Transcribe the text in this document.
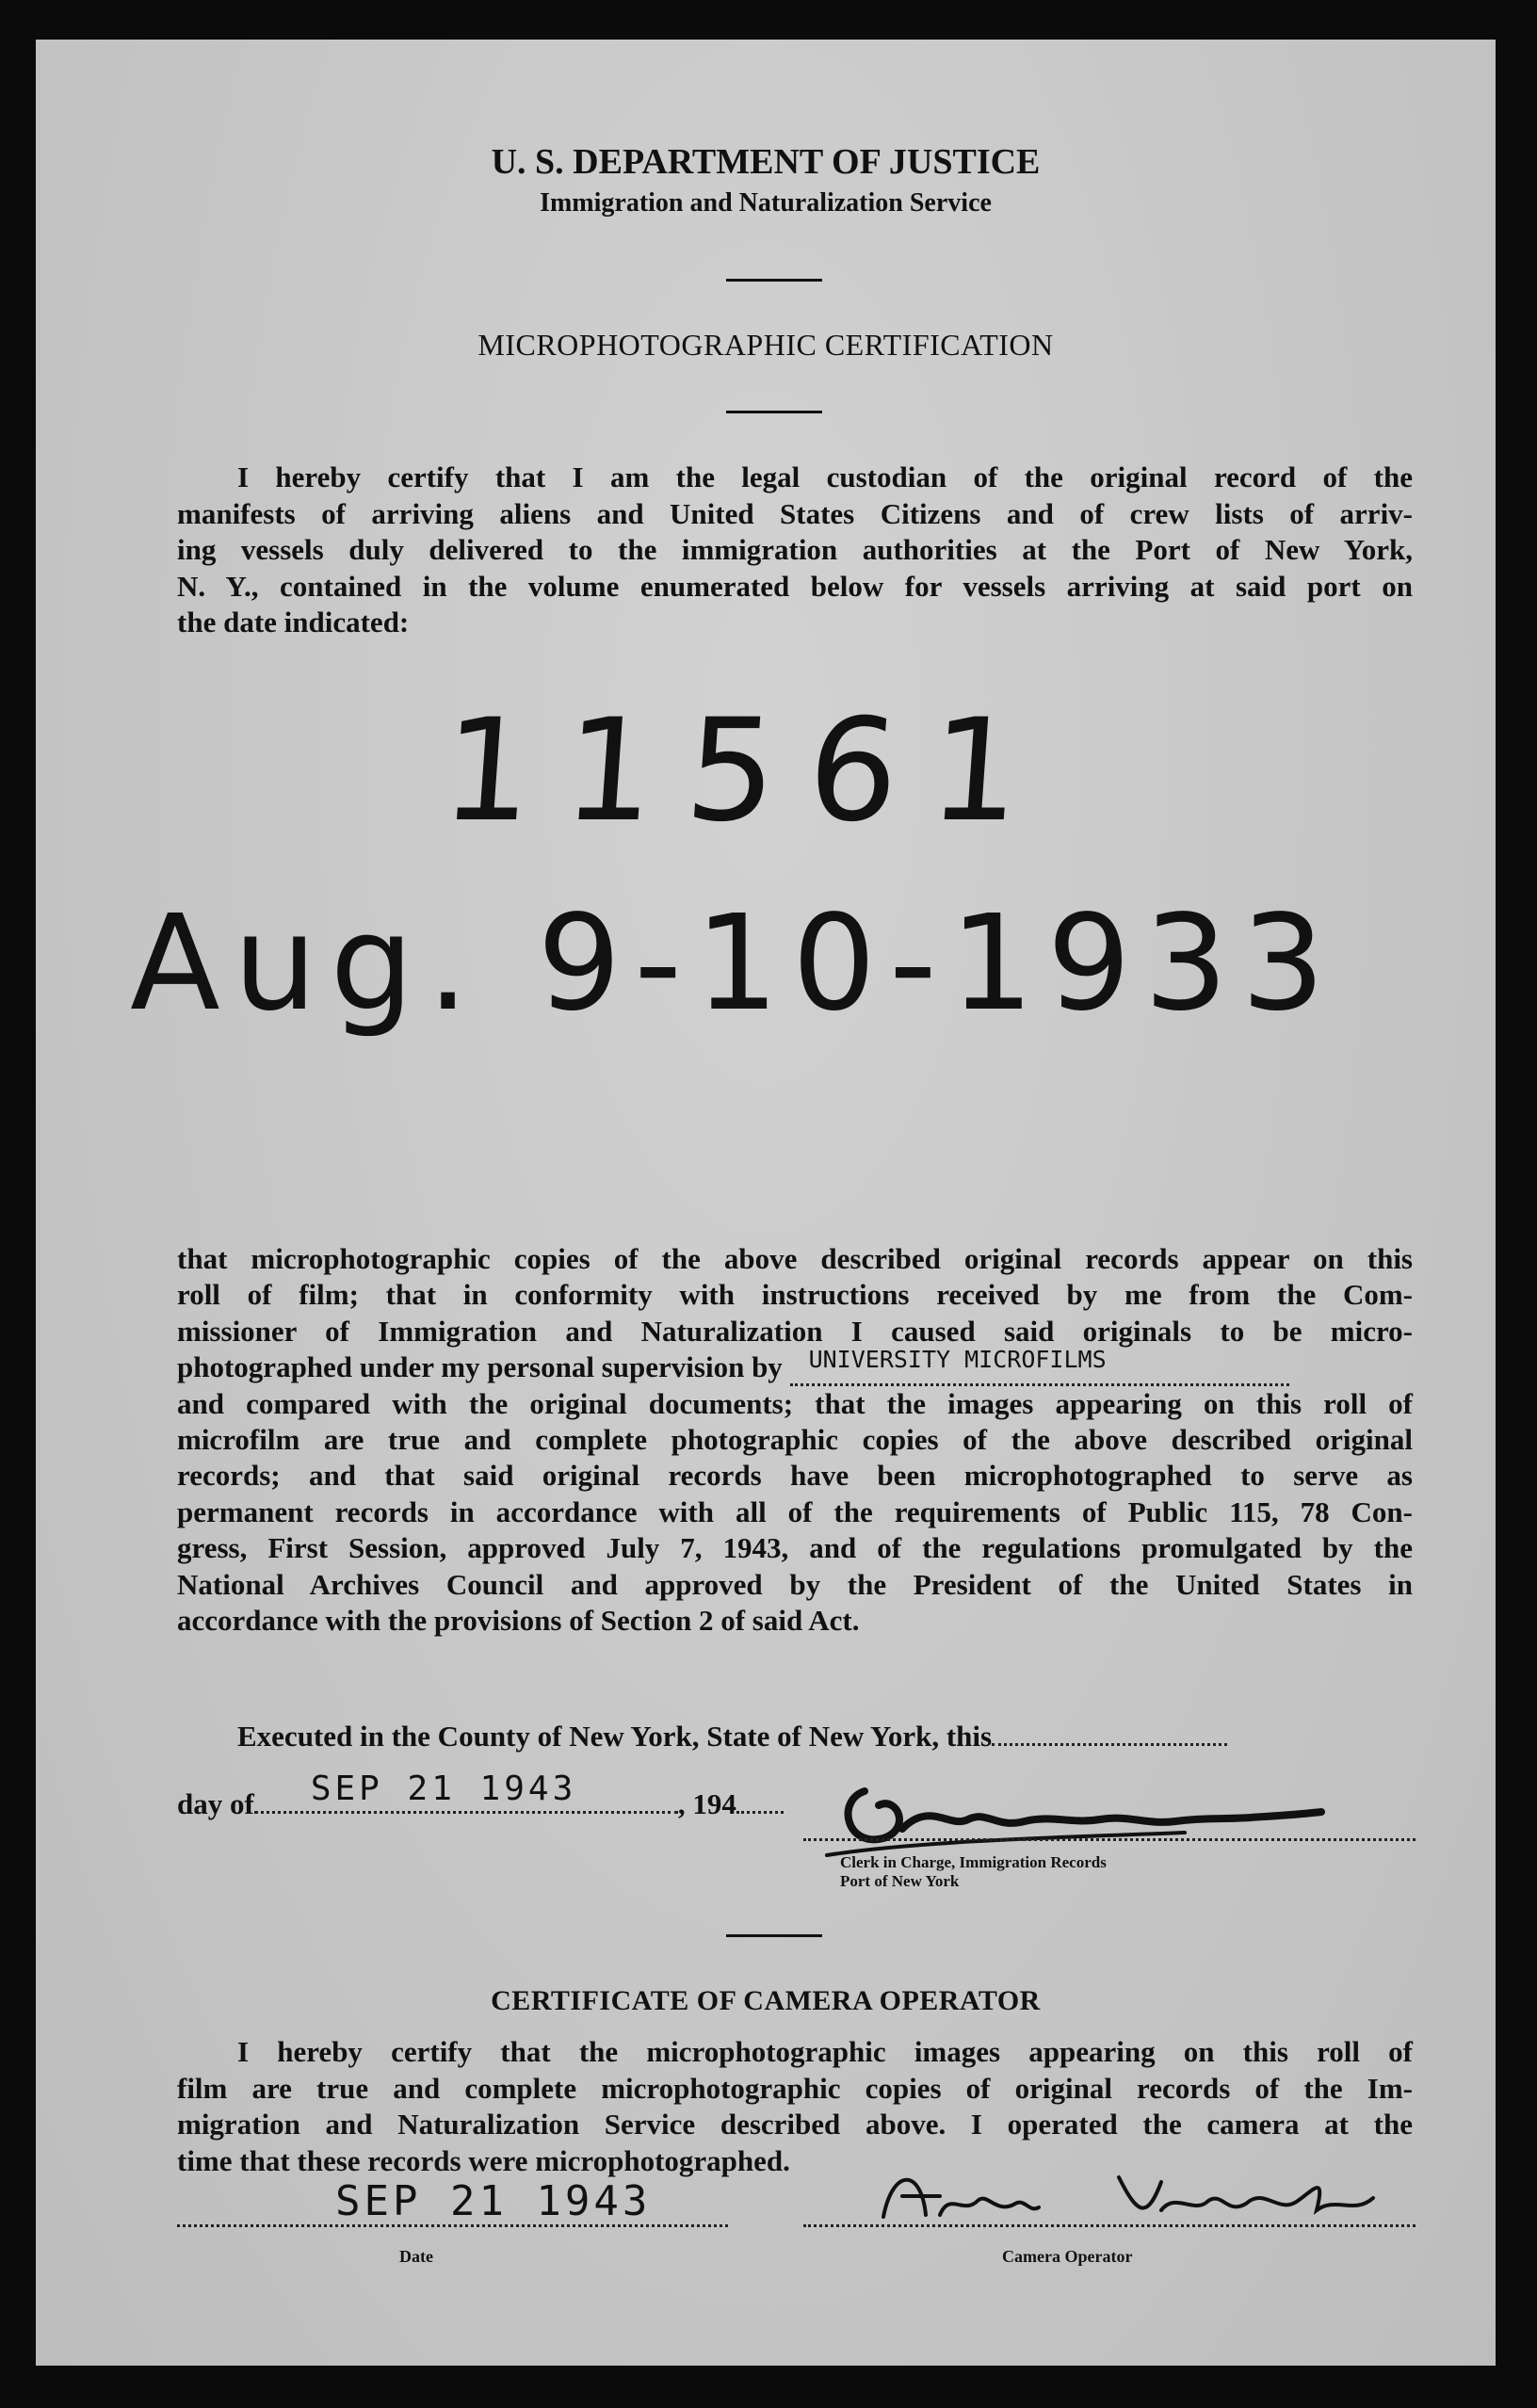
U. S. DEPARTMENT OF JUSTICE
Immigration and Naturalization Service
MICROPHOTOGRAPHIC CERTIFICATION
I hereby certify that I am the legal custodian of the original record of the
manifests of arriving aliens and United States Citizens and of crew lists of arriv-
ing vessels duly delivered to the immigration authorities at the Port of New York,
N. Y., contained in the volume enumerated below for vessels arriving at said port on
the date indicated:
11561
Aug. 9-10-1933
that microphotographic copies of the above described original records appear on this
roll of film; that in conformity with instructions received by me from the Com-
missioner of Immigration and Naturalization I caused said originals to be micro-
photographed under my personal supervision by UNIVERSITY MICROFILMS
and compared with the original documents; that the images appearing on this roll of
microfilm are true and complete photographic copies of the above described original
records; and that said original records have been microphotographed to serve as
permanent records in accordance with all of the requirements of Public 115, 78 Con-
gress, First Session, approved July 7, 1943, and of the regulations promulgated by the
National Archives Council and approved by the President of the United States in
accordance with the provisions of Section 2 of said Act.
Executed in the County of New York, State of New York, this
day of SEP 21 1943	, 194
Clerk in Charge, Immigration Records
Port of New York
CERTIFICATE OF CAMERA OPERATOR
I hereby certify that the microphotographic images appearing on this roll of
film are true and complete microphotographic copies of original records of the Im-
migration and Naturalization Service described above. I operated the camera at the
time that these records were microphotographed.
SEP 21 1943
Date	Camera Operator
